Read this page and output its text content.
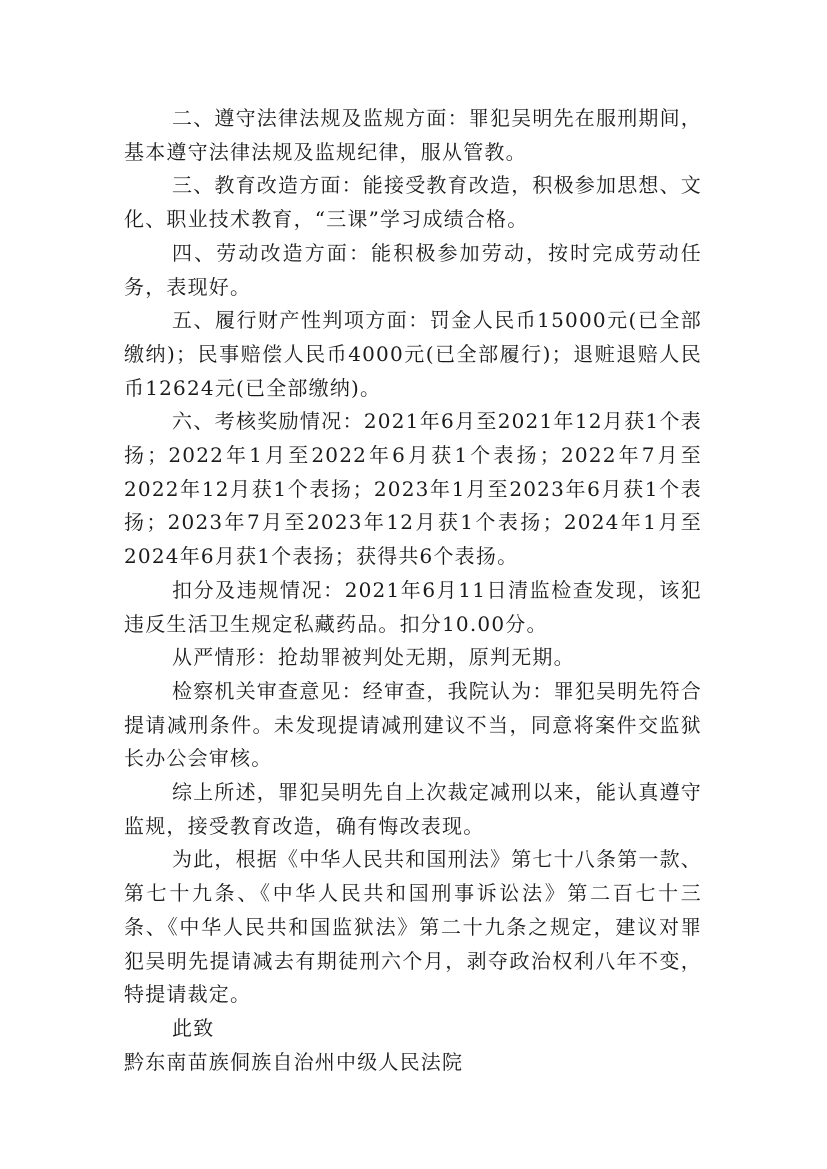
二、遵守法律法规及监规方面：罪犯吴明先在服刑期间，基本遵守法律法规及监规纪律，服从管教。

三、教育改造方面：能接受教育改造，积极参加思想、文化、职业技术教育，“三课”学习成绩合格。

四、劳动改造方面：能积极参加劳动，按时完成劳动任务，表现好。

五、履行财产性判项方面：罚金人民币15000元(已全部缴纳)；民事赔偿人民币4000元(已全部履行)；退赃退赔人民币12624元(已全部缴纳)。

六、考核奖励情况：2021年6月至2021年12月获1个表扬；2022年1月至2022年6月获1个表扬；2022年7月至2022年12月获1个表扬；2023年1月至2023年6月获1个表扬；2023年7月至2023年12月获1个表扬；2024年1月至2024年6月获1个表扬；获得共6个表扬。

扣分及违规情况：2021年6月11日清监检查发现，该犯违反生活卫生规定私藏药品。扣分10.00分。

从严情形：抢劫罪被判处无期，原判无期。

检察机关审查意见：经审查，我院认为：罪犯吴明先符合提请减刑条件。未发现提请减刑建议不当，同意将案件交监狱长办公会审核。

综上所述，罪犯吴明先自上次裁定减刑以来，能认真遵守监规，接受教育改造，确有悔改表现。

为此，根据《中华人民共和国刑法》第七十八条第一款、第七十九条、《中华人民共和国刑事诉讼法》第二百七十三条、《中华人民共和国监狱法》第二十九条之规定，建议对罪犯吴明先提请减去有期徒刑六个月，剥夺政治权利八年不变，特提请裁定。

此致

黔东南苗族侗族自治州中级人民法院
